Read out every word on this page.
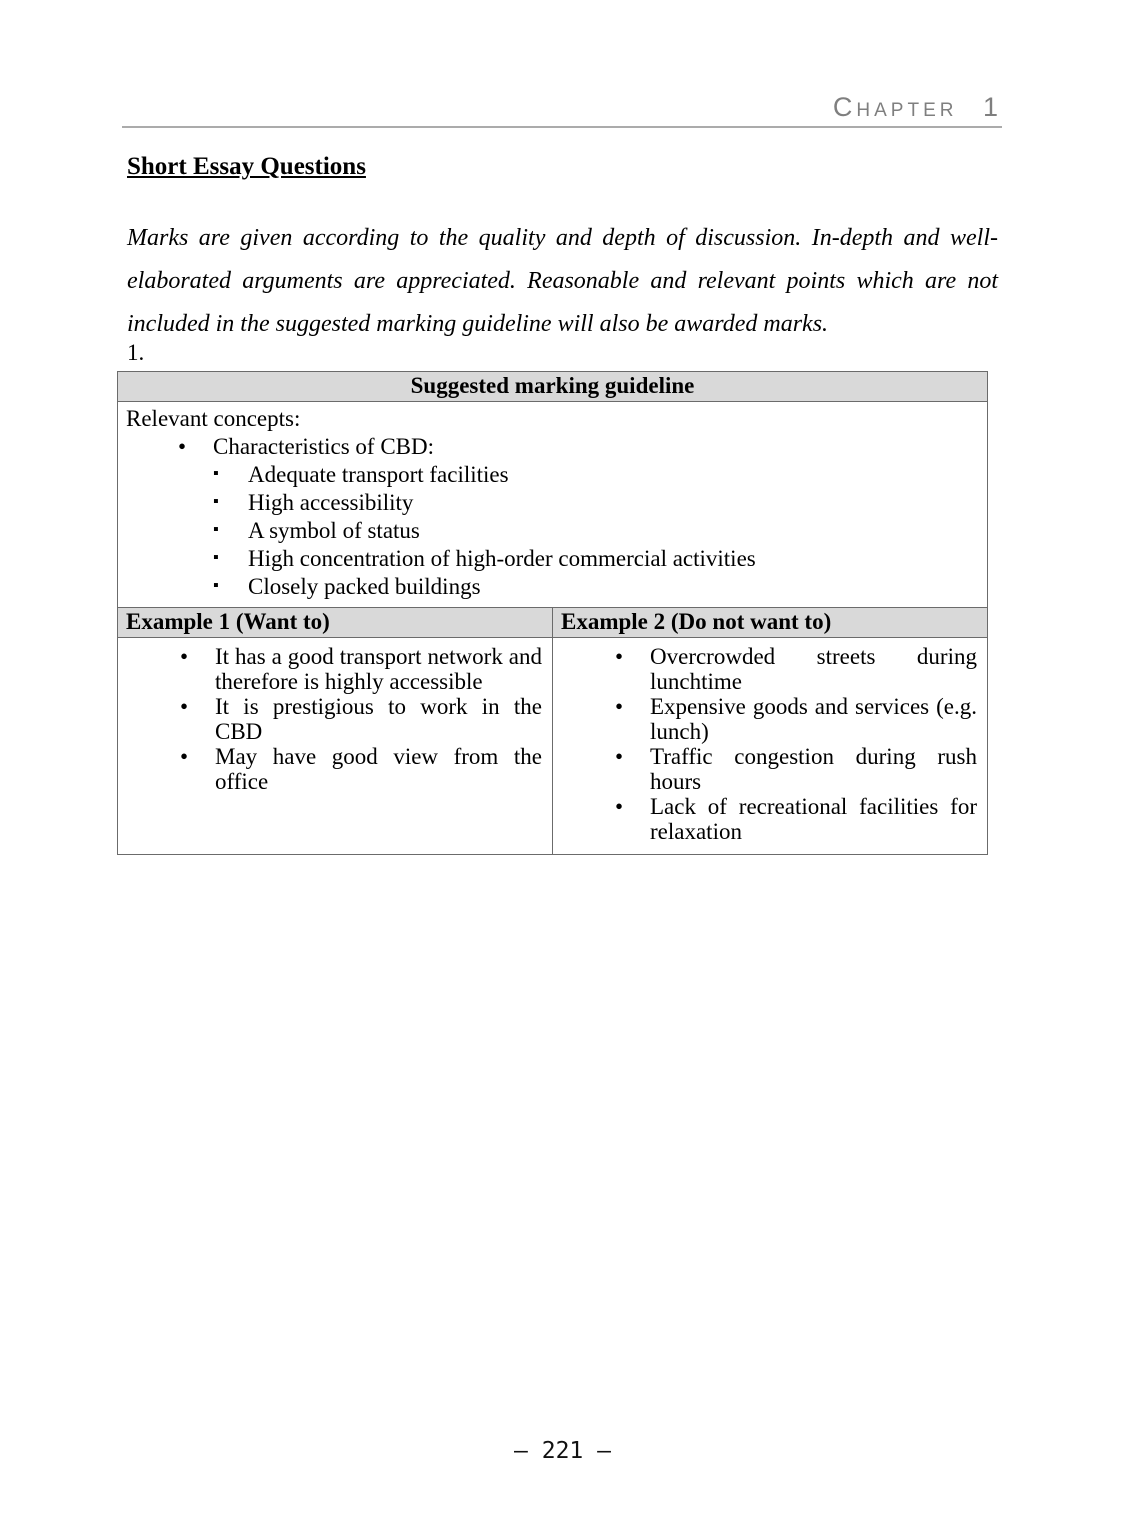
Chapter 1
Short Essay Questions

Marks are given according to the quality and depth of discussion. In-depth and well-elaborated arguments are appreciated. Reasonable and relevant points which are not included in the suggested marking guideline will also be awarded marks.

1.
Suggested marking guideline	

Relevant concepts:
• Characteristics of CBD:
▪ Adequate transport facilities
▪ High accessibility
▪ A symbol of status
▪ High concentration of high-order commercial activities
▪ Closely packed buildings

Example 1 (Want to)	Example 2 (Do not want to)

• It has a good transport network and therefore is highly accessible
• It is prestigious to work in the CBD
• May have good view from the office

• Overcrowded streets during lunchtime
• Expensive goods and services (e.g. lunch)
• Traffic congestion during rush hours
• Lack of recreational facilities for relaxation
– 221 –
